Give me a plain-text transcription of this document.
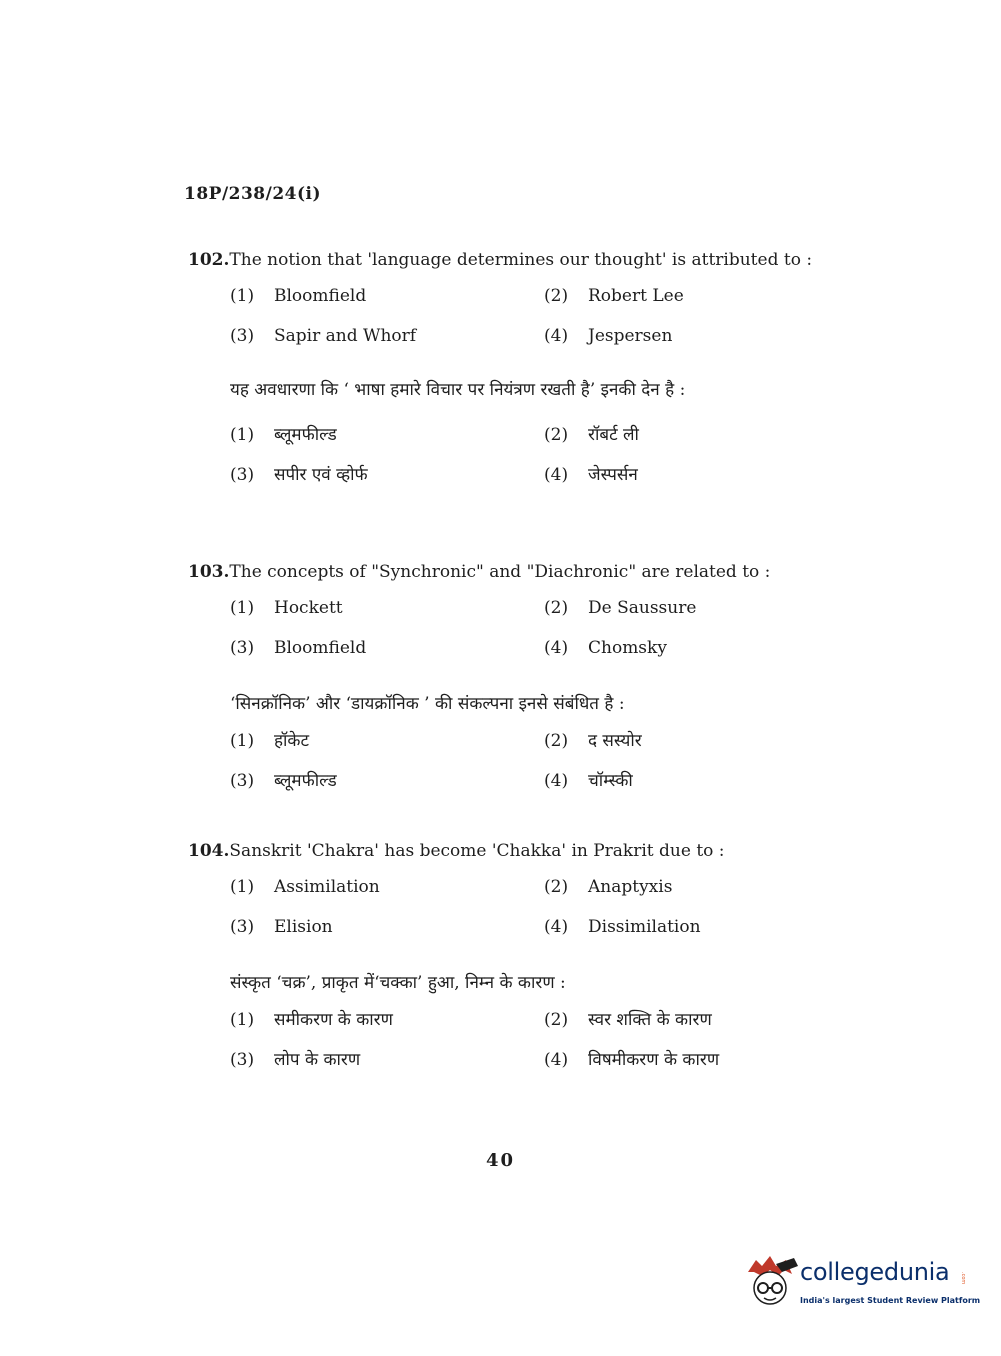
18P/238/24(i)
102.The notion that 'language determines our thought' is attributed to :
(1) Bloomfield	(2) Robert Lee
(3) Sapir and Whorf	(4) Jespersen
यह अवधारणा कि ‘ भाषा हमारे विचार पर नियंत्रण रखती है’ इनकी देन है :
(1) ब्लूमफील्ड	(2) रॉबर्ट ली
(3) सपीर एवं व्होर्फ	(4) जेस्पर्सन
103.The concepts of "Synchronic" and "Diachronic" are related to :
(1) Hockett	(2) De Saussure
(3) Bloomfield	(4) Chomsky
‘सिनक्रॉनिक’ और ‘डायक्रॉनिक ’ की संकल्पना इनसे संबंधित है :
(1) हॉकेट	(2) द सस्योर
(3) ब्लूमफील्ड	(4) चॉम्स्की
104.Sanskrit 'Chakra' has become 'Chakka' in Prakrit due to :
(1) Assimilation	(2) Anaptyxis
(3) Elision	(4) Dissimilation
संस्कृत ‘चक्र’, प्राकृत में‘चक्का’ हुआ, निम्न के कारण :
(1) समीकरण के कारण	(2) स्वर शक्ति के कारण
(3) लोप के कारण	(4) विषमीकरण के कारण
40
collegedunia .com
India's largest Student Review Platform
